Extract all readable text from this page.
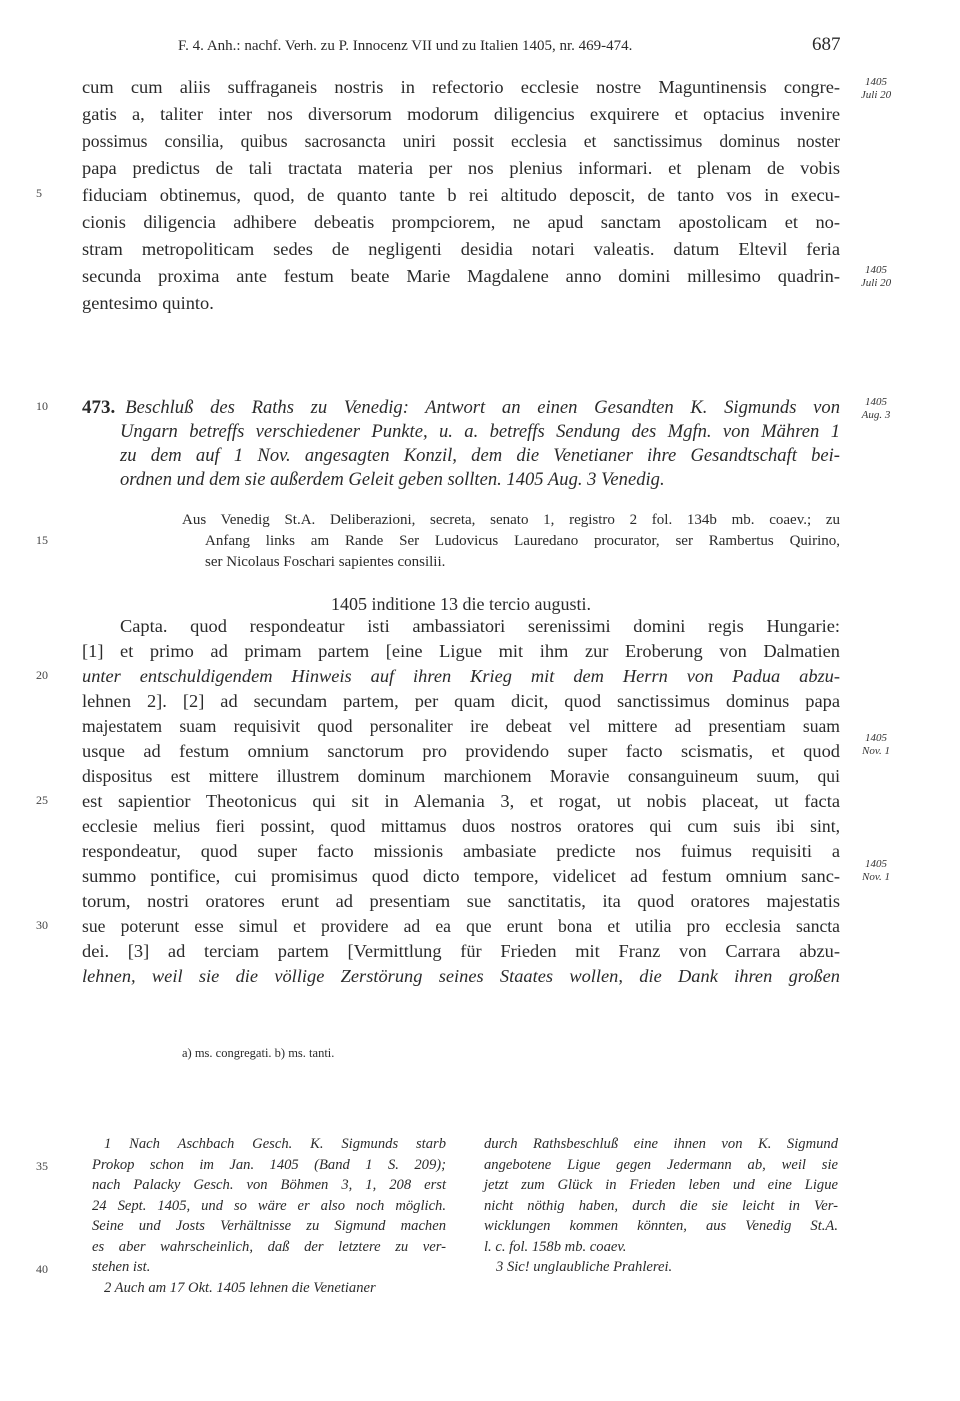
F. 4. Anh.: nachf. Verh. zu P. Innocenz VII und zu Italien 1405, nr. 469-474.	687
cum cum aliis suffraganeis nostris in refectorio ecclesie nostre Maguntinensis congre-
gatis a, taliter inter nos diversorum modorum diligencius exquirere et optacius invenire
possimus consilia, quibus sacrosancta uniri possit ecclesia et sanctissimus dominus noster
papa predictus de tali tractata materia per nos plenius informari. et plenam de vobis
fiduciam obtinemus, quod, de quanto tante b rei altitudo deposcit, de tanto vos in execu-
cionis diligencia adhibere debeatis prompciorem, ne apud sanctam apostolicam et no-
stram metropoliticam sedes de negligenti desidia notari valeatis. datum Eltevil feria
secunda proxima ante festum beate Marie Magdalene anno domini millesimo quadrin-
gentesimo quinto.
473. Beschluß des Raths zu Venedig: Antwort an einen Gesandten K. Sigmunds von
Ungarn betreffs verschiedener Punkte, u. a. betreffs Sendung des Mgfn. von Mähren 1
zu dem auf 1 Nov. angesagten Konzil, dem die Venetianer ihre Gesandtschaft bei-
ordnen und dem sie außerdem Geleit geben sollten. 1405 Aug. 3 Venedig.
Aus Venedig St.A. Deliberazioni, secreta, senato 1, registro 2 fol. 134b mb. coaev.; zu
Anfang links am Rande Ser Ludovicus Lauredano procurator, ser Rambertus Quirino,
ser Nicolaus Foschari sapientes consilii.
1405 inditione 13 die tercio augusti.
Capta. quod respondeatur isti ambassiatori serenissimi domini regis Hungarie:
[1] et primo ad primam partem [eine Ligue mit ihm zur Eroberung von Dalmatien
unter entschuldigendem Hinweis auf ihren Krieg mit dem Herrn von Padua abzu-
lehnen 2]. [2] ad secundam partem, per quam dicit, quod sanctissimus dominus papa
majestatem suam requisivit quod personaliter ire debeat vel mittere ad presentiam suam
usque ad festum omnium sanctorum pro providendo super facto scismatis, et quod
dispositus est mittere illustrem dominum marchionem Moravie consanguineum suum, qui
est sapientior Theotonicus qui sit in Alemania 3, et rogat, ut nobis placeat, ut facta
ecclesie melius fieri possint, quod mittamus duos nostros oratores qui cum suis ibi sint,
respondeatur, quod super facto missionis ambasiate predicte nos fuimus requisiti a
summo pontifice, cui promisimus quod dicto tempore, videlicet ad festum omnium sanc-
torum, nostri oratores erunt ad presentiam sue sanctitatis, ita quod oratores majestatis
sue poterunt esse simul et providere ad ea que erunt bona et utilia pro ecclesia sancta
dei. [3] ad terciam partem [Vermittlung für Frieden mit Franz von Carrara abzu-
lehnen, weil sie die völlige Zerstörung seines Staates wollen, die Dank ihren großen
5
10
15
20
25
30
35
40
1405
Juli 20
1405
Juli 20
1405
Aug. 3
1405
Nov. 1
1405
Nov. 1
a) ms. congregati. b) ms. tanti.
1 Nach Aschbach Gesch. K. Sigmunds starb
Prokop schon im Jan. 1405 (Band 1 S. 209);
nach Palacky Gesch. von Böhmen 3, 1, 208 erst
24 Sept. 1405, und so wäre er also noch möglich.
Seine und Josts Verhältnisse zu Sigmund machen
es aber wahrscheinlich, daß der letztere zu ver-
stehen ist.
2 Auch am 17 Okt. 1405 lehnen die Venetianer
durch Rathsbeschluß eine ihnen von K. Sigmund
angebotene Ligue gegen Jedermann ab, weil sie
jetzt zum Glück in Frieden leben und eine Ligue
nicht nöthig haben, durch die sie leicht in Ver-
wicklungen kommen könnten, aus Venedig St.A.
l. c. fol. 158b mb. coaev.
3 Sic! unglaubliche Prahlerei.
